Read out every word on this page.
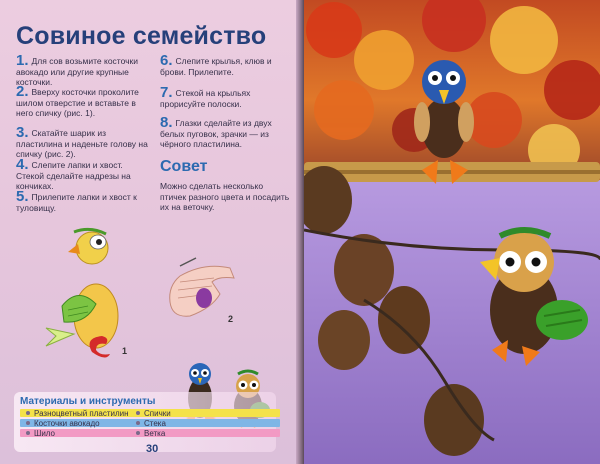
Совиное семейство
1. Для сов возьмите косточки авокадо или другие крупные косточки.
2. Вверху косточки проколите шилом отверстие и вставьте в него спичку (рис. 1).
3. Скатайте шарик из пластилина и наденьте голову на спичку (рис. 2).
4. Слепите лапки и хвост. Стекой сделайте надрезы на кончиках.
5. Прилепите лапки и хвост к туловищу.
6. Слепите крылья, клюв и брови. Прилепите.
7. Стекой на крыльях прорисуйте полоски.
8. Глазки сделайте из двух белых пуговок, зрачки — из чёрного пластилина.
Совет
Можно сделать несколько птичек разного цвета и посадить их на веточку.
1
2
Материалы и инструменты
Разноцветный пластилин
Косточки авокадо
Шило
Спички
Стека
Ветка
30
